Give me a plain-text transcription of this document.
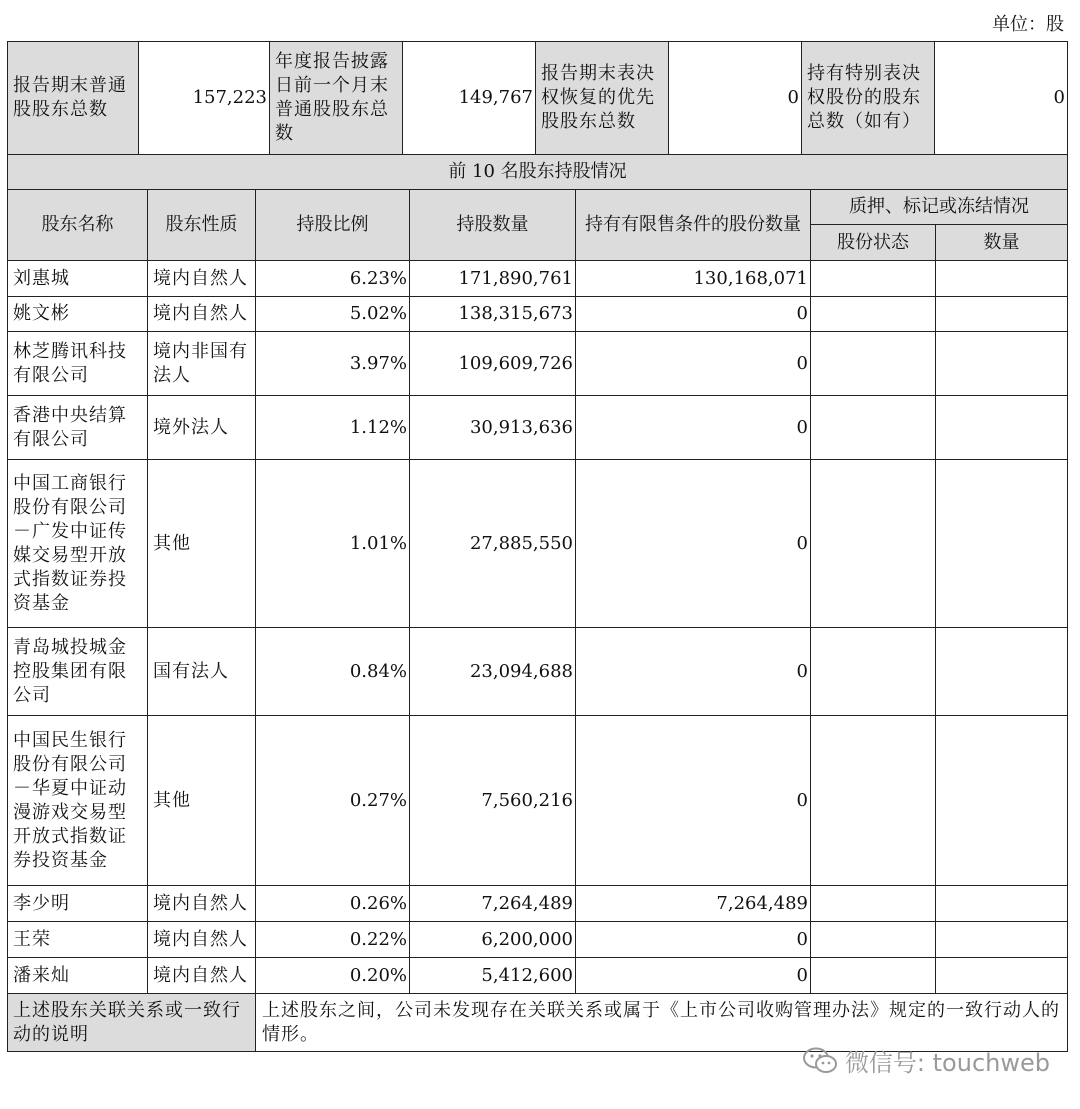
单位：股
报告期末普通股股东总数	157,223	年度报告披露日前一个月末普通股股东总数	149,767	报告期末表决权恢复的优先股股东总数	0	持有特别表决权股份的股东总数（如有）	0
前 10 名股东持股情况						
股东名称	股东性质	持股比例	持股数量	持有有限售条件的股份数量	质押、标记或冻结情况	
					股份状态	数量
刘惠城	境内自然人	6.23%	171,890,761	130,168,071		
姚文彬	境内自然人	5.02%	138,315,673	0		
林芝腾讯科技有限公司	境内非国有法人	3.97%	109,609,726	0		
香港中央结算有限公司	境外法人	1.12%	30,913,636	0		
中国工商银行股份有限公司－广发中证传媒交易型开放式指数证券投资基金	其他	1.01%	27,885,550	0		
青岛城投城金控股集团有限公司	国有法人	0.84%	23,094,688	0		
中国民生银行股份有限公司－华夏中证动漫游戏交易型开放式指数证券投资基金	其他	0.27%	7,560,216	0		
李少明	境内自然人	0.26%	7,264,489	7,264,489		
王荣	境内自然人	0.22%	6,200,000	0		
潘来灿	境内自然人	0.20%	5,412,600	0		
上述股东关联关系或一致行动的说明		上述股东之间，公司未发现存在关联关系或属于《上市公司收购管理办法》规定的一致行动人的情形。				
微信号: touchweb
